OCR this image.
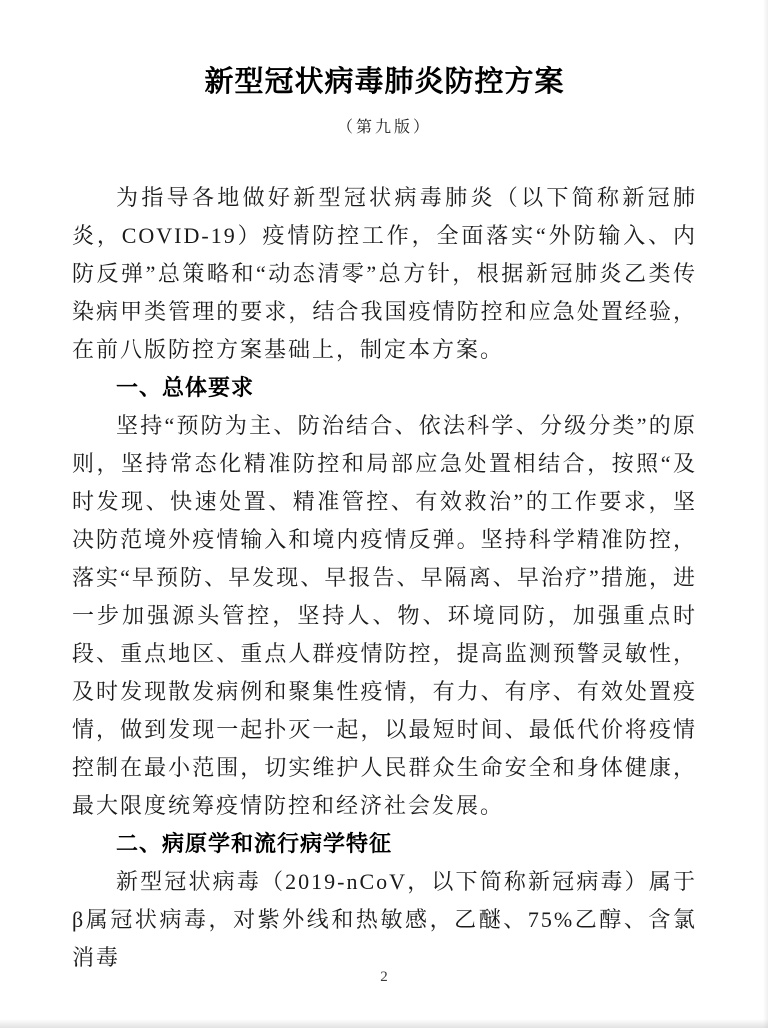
新型冠状病毒肺炎防控方案
（第九版）

为指导各地做好新型冠状病毒肺炎（以下简称新冠肺炎，COVID-19）疫情防控工作，全面落实“外防输入、内防反弹”总策略和“动态清零”总方针，根据新冠肺炎乙类传染病甲类管理的要求，结合我国疫情防控和应急处置经验，在前八版防控方案基础上，制定本方案。

一、总体要求

坚持“预防为主、防治结合、依法科学、分级分类”的原则，坚持常态化精准防控和局部应急处置相结合，按照“及时发现、快速处置、精准管控、有效救治”的工作要求，坚决防范境外疫情输入和境内疫情反弹。坚持科学精准防控，落实“早预防、早发现、早报告、早隔离、早治疗”措施，进一步加强源头管控，坚持人、物、环境同防，加强重点时段、重点地区、重点人群疫情防控，提高监测预警灵敏性，及时发现散发病例和聚集性疫情，有力、有序、有效处置疫情，做到发现一起扑灭一起，以最短时间、最低代价将疫情控制在最小范围，切实维护人民群众生命安全和身体健康，最大限度统筹疫情防控和经济社会发展。

二、病原学和流行病学特征

新型冠状病毒（2019-nCoV，以下简称新冠病毒）属于β属冠状病毒，对紫外线和热敏感，乙醚、75%乙醇、含氯消毒

2
